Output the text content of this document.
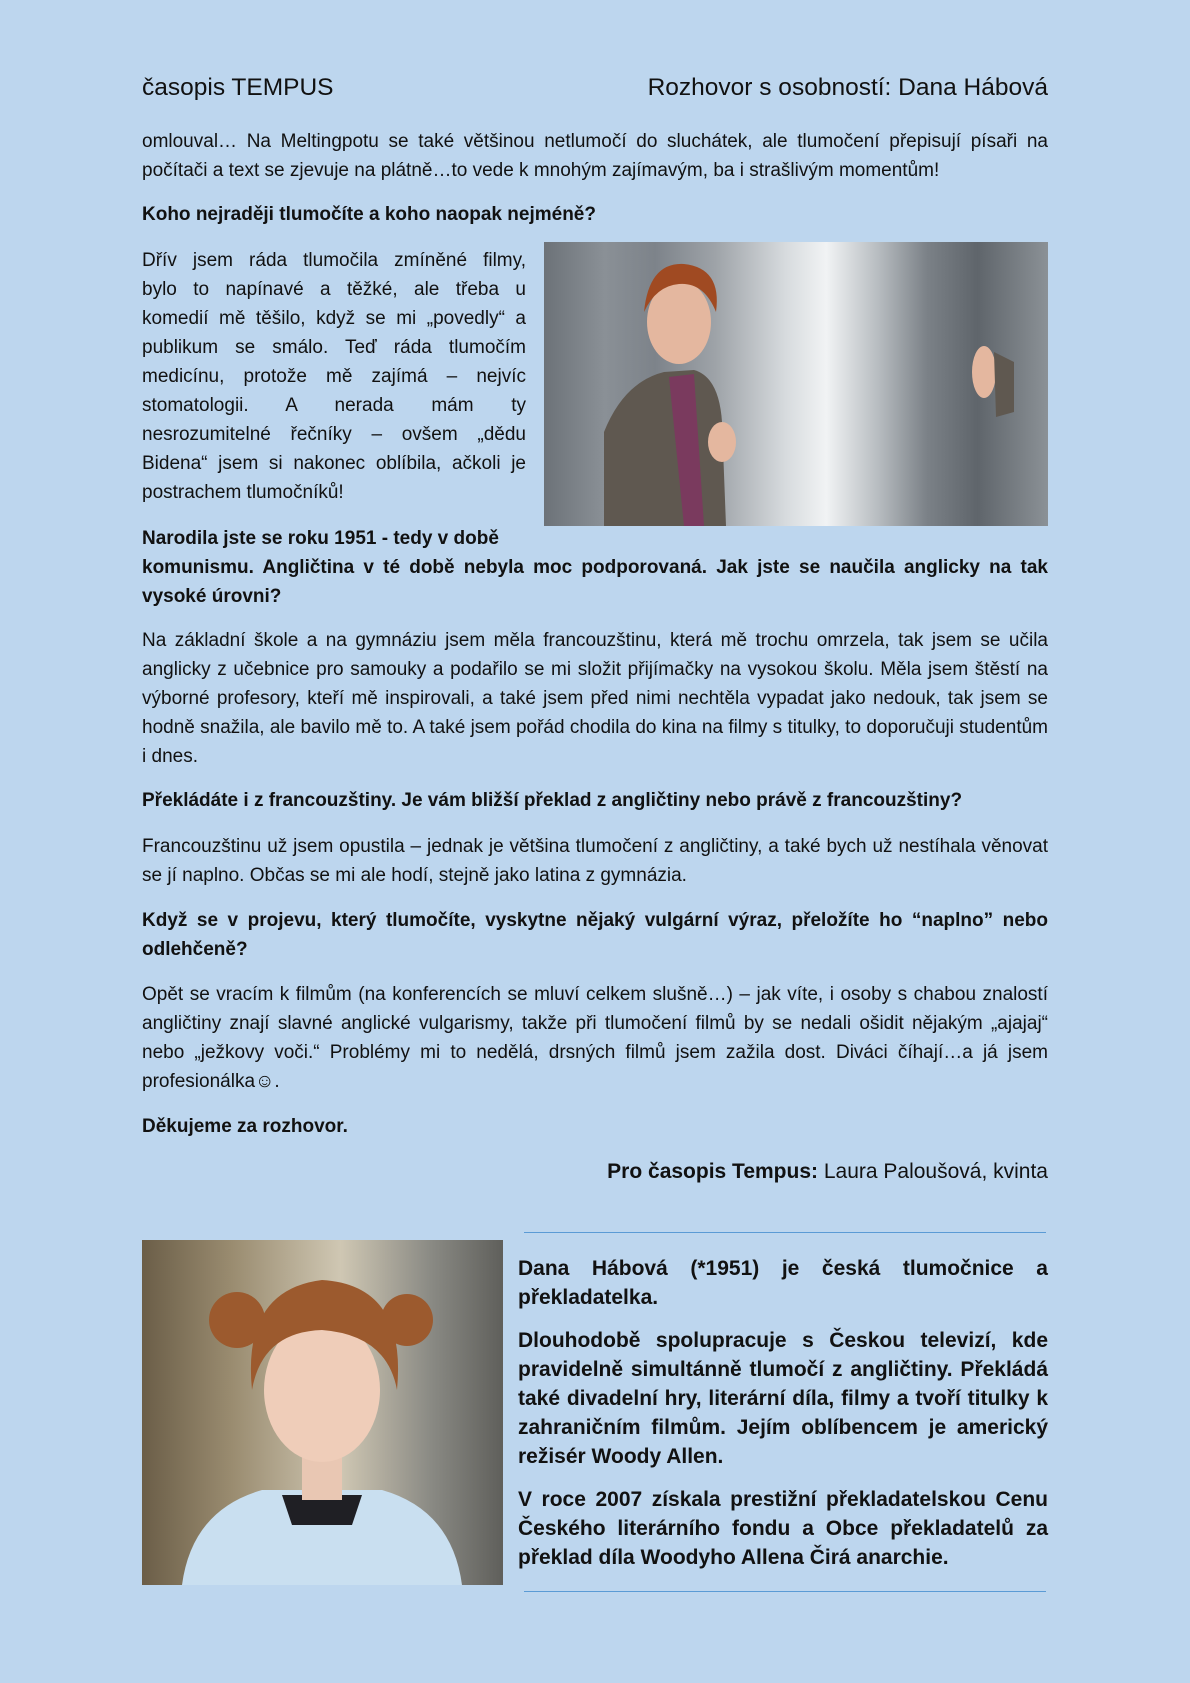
časopis TEMPUS	Rozhovor s osobností: Dana Hábová

omlouval… Na Meltingpotu se také většinou netlumočí do sluchátek, ale tlumočení přepisují písaři na počítači a text se zjevuje na plátně…to vede k mnohým zajímavým, ba i strašlivým momentům!

Koho nejraději tlumočíte a koho naopak nejméně?

Dřív jsem ráda tlumočila zmíněné filmy,

bylo to napínavé a těžké, ale třeba u

komedií mě těšilo, když se mi „povedly“ a

publikum se smálo. Teď ráda tlumočím

medicínu, protože mě zajímá – nejvíc

stomatologii. A nerada mám ty

nesrozumitelné řečníky – ovšem „dědu

Bidena“ jsem si nakonec oblíbila, ačkoli je

postrachem tlumočníků!

Narodila jste se roku 1951 - tedy v době

komunismu. Angličtina v té době nebyla moc podporovaná. Jak jste se naučila anglicky na tak vysoké úrovni?

Na základní škole a na gymnáziu jsem měla francouzštinu, která mě trochu omrzela, tak jsem se učila anglicky z učebnice pro samouky a podařilo se mi složit přijímačky na vysokou školu. Měla jsem štěstí na výborné profesory, kteří mě inspirovali, a také jsem před nimi nechtěla vypadat jako nedouk, tak jsem se hodně snažila, ale bavilo mě to. A také jsem pořád chodila do kina na filmy s titulky, to doporučuji studentům i dnes.

Překládáte i z francouzštiny. Je vám bližší překlad z angličtiny nebo právě z francouzštiny?

Francouzštinu už jsem opustila – jednak je většina tlumočení z angličtiny, a také bych už nestíhala věnovat se jí naplno. Občas se mi ale hodí, stejně jako latina z gymnázia.

Když se v projevu, který tlumočíte, vyskytne nějaký vulgární výraz, přeložíte ho “naplno” nebo odlehčeně?

Opět se vracím k filmům (na konferencích se mluví celkem slušně…) – jak víte, i osoby s chabou znalostí angličtiny znají slavné anglické vulgarismy, takže při tlumočení filmů by se nedali ošidit nějakým „ajajaj“ nebo „ježkovy voči.“ Problémy mi to nedělá, drsných filmů jsem zažila dost. Diváci číhají…a já jsem profesionálka☺.

Děkujeme za rozhovor.

Pro časopis Tempus: Laura Paloušová, kvinta

Dana Hábová (*1951) je česká tlumočnice a překladatelka.

Dlouhodobě spolupracuje s Českou televizí, kde pravidelně simultánně tlumočí z angličtiny. Překládá také divadelní hry, literární díla, filmy a tvoří titulky k zahraničním filmům. Jejím oblíbencem je americký režisér Woody Allen.

V roce 2007 získala prestižní překladatelskou Cenu Českého literárního fondu a Obce překladatelů za překlad díla Woodyho Allena Čirá anarchie.
